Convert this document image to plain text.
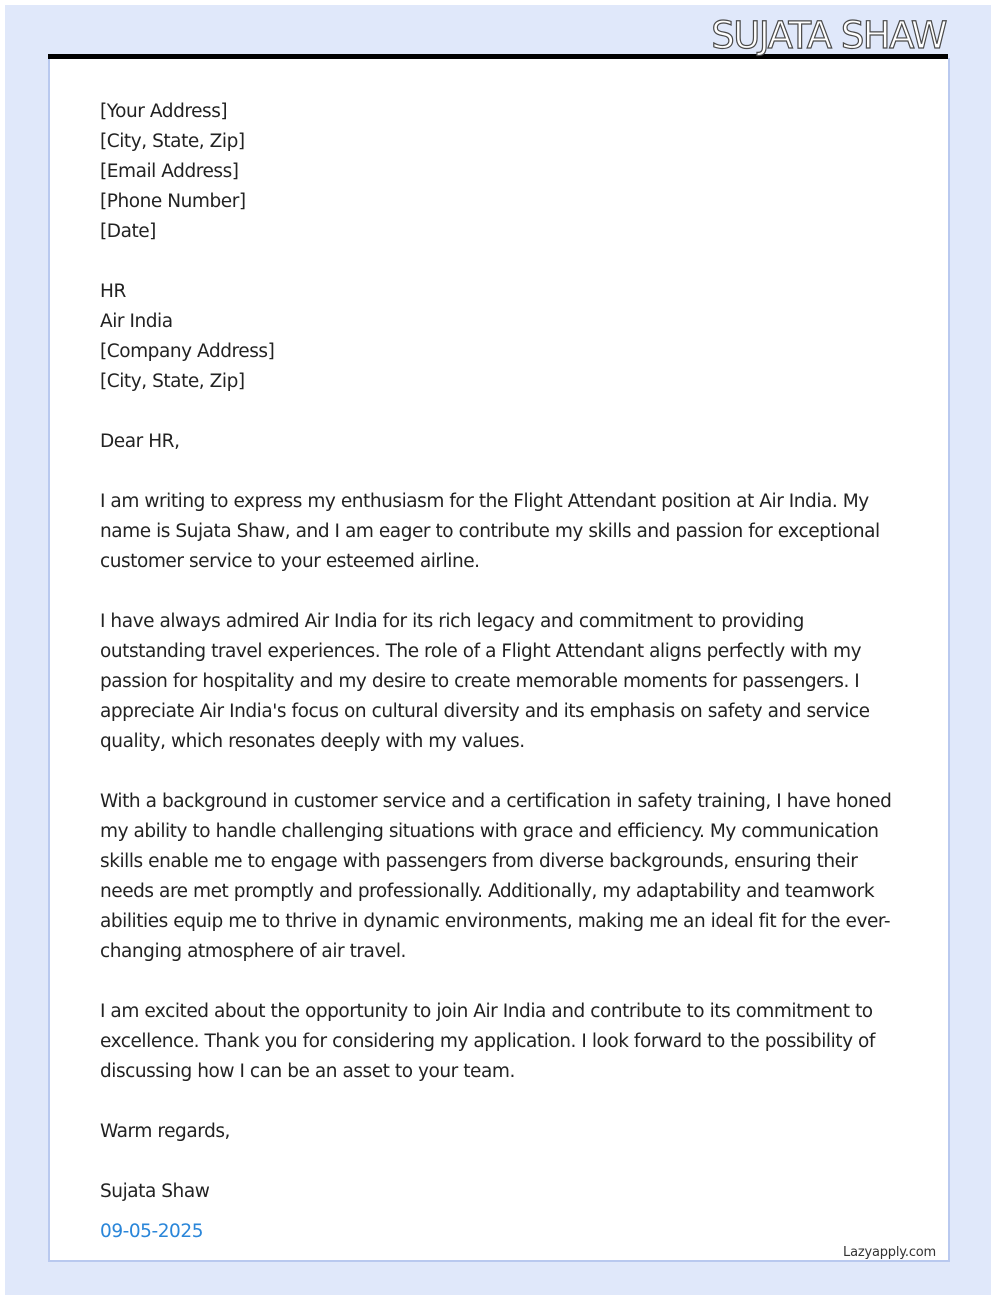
SUJATA SHAW
[Your Address]
[City, State, Zip]
[Email Address]
[Phone Number]
[Date]
HR
Air India
[Company Address]
[City, State, Zip]

Dear HR,

I am writing to express my enthusiasm for the Flight Attendant position at Air India. My name is Sujata Shaw, and I am eager to contribute my skills and passion for exceptional customer service to your esteemed airline.

I have always admired Air India for its rich legacy and commitment to providing outstanding travel experiences. The role of a Flight Attendant aligns perfectly with my passion for hospitality and my desire to create memorable moments for passengers. I appreciate Air India's focus on cultural diversity and its emphasis on safety and service quality, which resonates deeply with my values.

With a background in customer service and a certification in safety training, I have honed my ability to handle challenging situations with grace and efficiency. My communication skills enable me to engage with passengers from diverse backgrounds, ensuring their needs are met promptly and professionally. Additionally, my adaptability and teamwork abilities equip me to thrive in dynamic environments, making me an ideal fit for the ever-changing atmosphere of air travel.

I am excited about the opportunity to join Air India and contribute to its commitment to excellence. Thank you for considering my application. I look forward to the possibility of discussing how I can be an asset to your team.

Warm regards,

Sujata Shaw
09-05-2025
Lazyapply.com
